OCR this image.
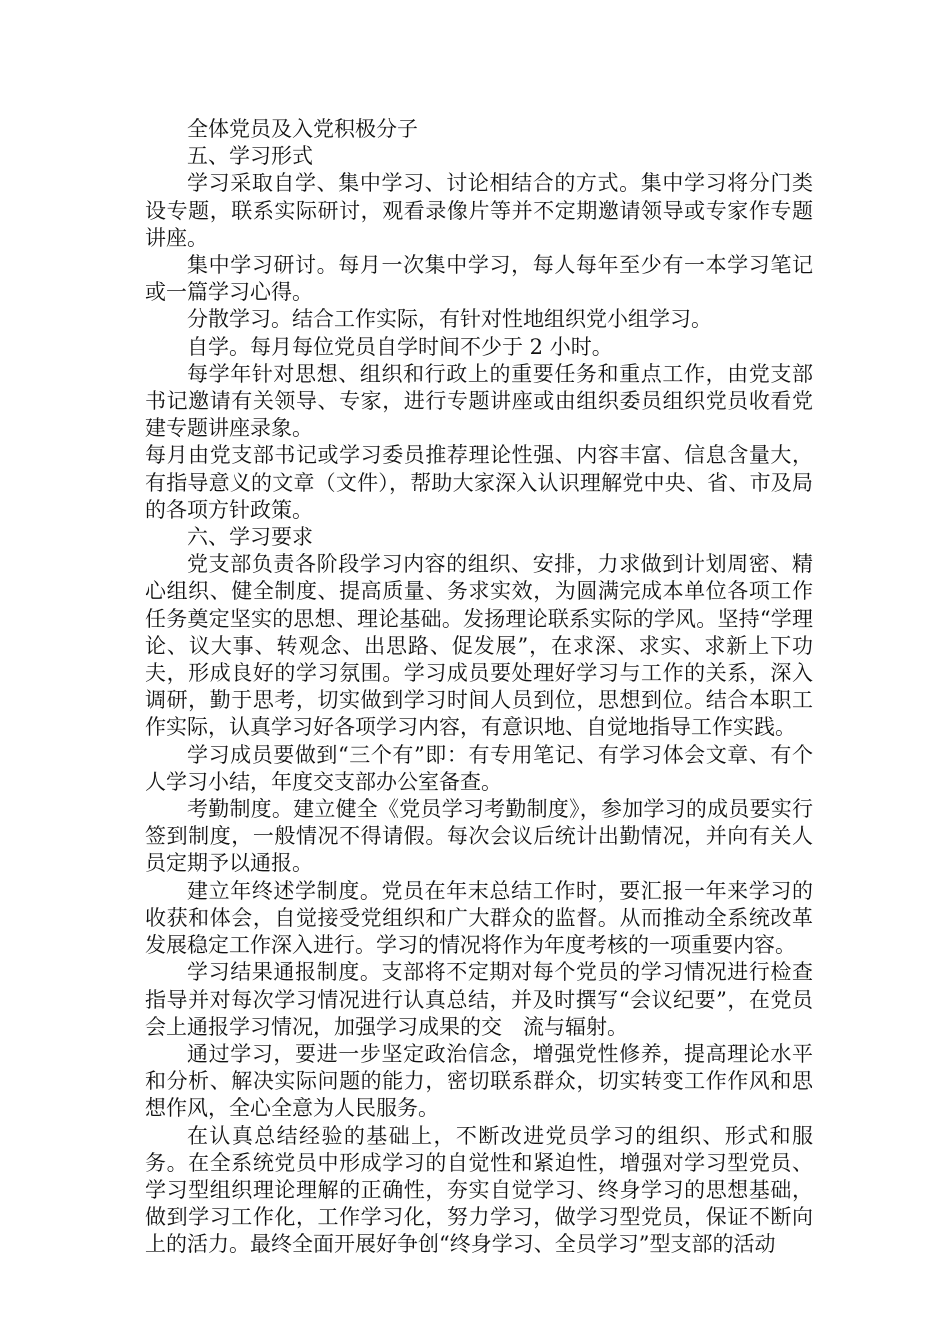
全体党员及入党积极分子

五、学习形式

学习采取自学、集中学习、讨论相结合的方式。集中学习将分门类设专题，联系实际研讨，观看录像片等并不定期邀请领导或专家作专题讲座。

集中学习研讨。每月一次集中学习，每人每年至少有一本学习笔记或一篇学习心得。

分散学习。结合工作实际，有针对性地组织党小组学习。

自学。每月每位党员自学时间不少于 2 小时。

每学年针对思想、组织和行政上的重要任务和重点工作，由党支部书记邀请有关领导、专家，进行专题讲座或由组织委员组织党员收看党建专题讲座录象。

每月由党支部书记或学习委员推荐理论性强、内容丰富、信息含量大，有指导意义的文章（文件），帮助大家深入认识理解党中央、省、市及局的各项方针政策。

六、学习要求

党支部负责各阶段学习内容的组织、安排，力求做到计划周密、精心组织、健全制度、提高质量、务求实效，为圆满完成本单位各项工作任务奠定坚实的思想、理论基础。发扬理论联系实际的学风。坚持“学理论、议大事、转观念、出思路、促发展”，在求深、求实、求新上下功夫，形成良好的学习氛围。学习成员要处理好学习与工作的关系，深入调研，勤于思考，切实做到学习时间人员到位，思想到位。结合本职工作实际，认真学习好各项学习内容，有意识地、自觉地指导工作实践。

学习成员要做到“三个有”即：有专用笔记、有学习体会文章、有个人学习小结，年度交支部办公室备查。

考勤制度。建立健全《党员学习考勤制度》，参加学习的成员要实行签到制度，一般情况不得请假。每次会议后统计出勤情况，并向有关人员定期予以通报。

建立年终述学制度。党员在年末总结工作时，要汇报一年来学习的收获和体会，自觉接受党组织和广大群众的监督。从而推动全系统改革发展稳定工作深入进行。学习的情况将作为年度考核的一项重要内容。

学习结果通报制度。支部将不定期对每个党员的学习情况进行检查指导并对每次学习情况进行认真总结，并及时撰写“会议纪要”，在党员会上通报学习情况，加强学习成果的交　流与辐射。

通过学习，要进一步坚定政治信念，增强党性修养，提高理论水平和分析、解决实际问题的能力，密切联系群众，切实转变工作作风和思想作风，全心全意为人民服务。

在认真总结经验的基础上，不断改进党员学习的组织、形式和服务。在全系统党员中形成学习的自觉性和紧迫性，增强对学习型党员、学习型组织理论理解的正确性，夯实自觉学习、终身学习的思想基础，做到学习工作化，工作学习化，努力学习，做学习型党员，保证不断向上的活力。最终全面开展好争创“终身学习、全员学习”型支部的活动
